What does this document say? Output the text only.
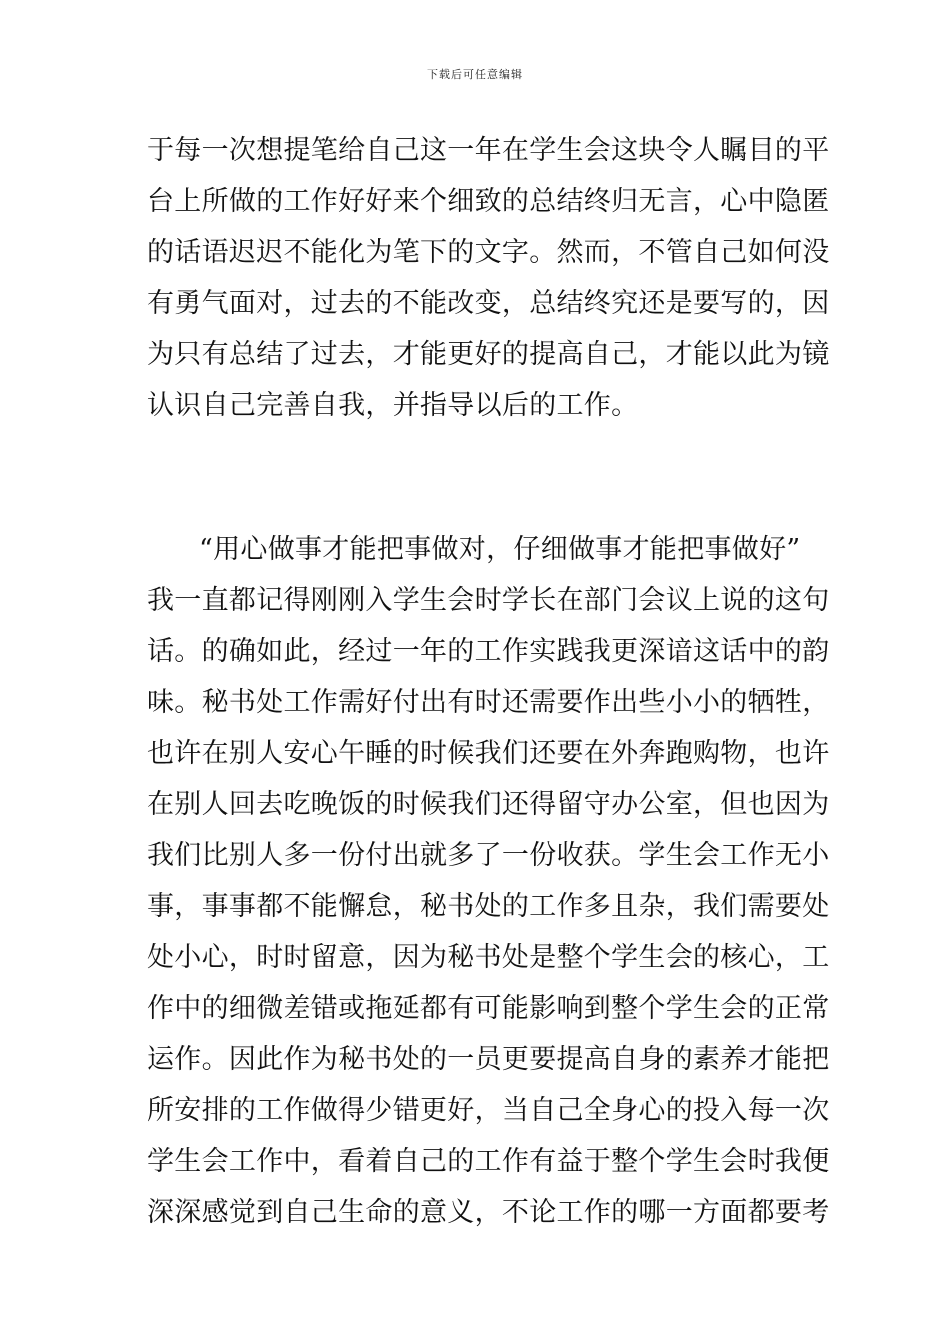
下载后可任意编辑
于每一次想提笔给自己这一年在学生会这块令人瞩目的平
台上所做的工作好好来个细致的总结终归无言，心中隐匿
的话语迟迟不能化为笔下的文字。然而，不管自己如何没
有勇气面对，过去的不能改变，总结终究还是要写的，因
为只有总结了过去，才能更好的提高自己，才能以此为镜
认识自己完善自我，并指导以后的工作。
“用心做事才能把事做对，仔细做事才能把事做好”
我一直都记得刚刚入学生会时学长在部门会议上说的这句
话。的确如此，经过一年的工作实践我更深谙这话中的韵
味。秘书处工作需好付出有时还需要作出些小小的牺牲，
也许在别人安心午睡的时候我们还要在外奔跑购物，也许
在别人回去吃晚饭的时候我们还得留守办公室，但也因为
我们比别人多一份付出就多了一份收获。学生会工作无小
事，事事都不能懈怠，秘书处的工作多且杂，我们需要处
处小心，时时留意，因为秘书处是整个学生会的核心，工
作中的细微差错或拖延都有可能影响到整个学生会的正常
运作。因此作为秘书处的一员更要提高自身的素养才能把
所安排的工作做得少错更好，当自己全身心的投入每一次
学生会工作中，看着自己的工作有益于整个学生会时我便
深深感觉到自己生命的意义，不论工作的哪一方面都要考
